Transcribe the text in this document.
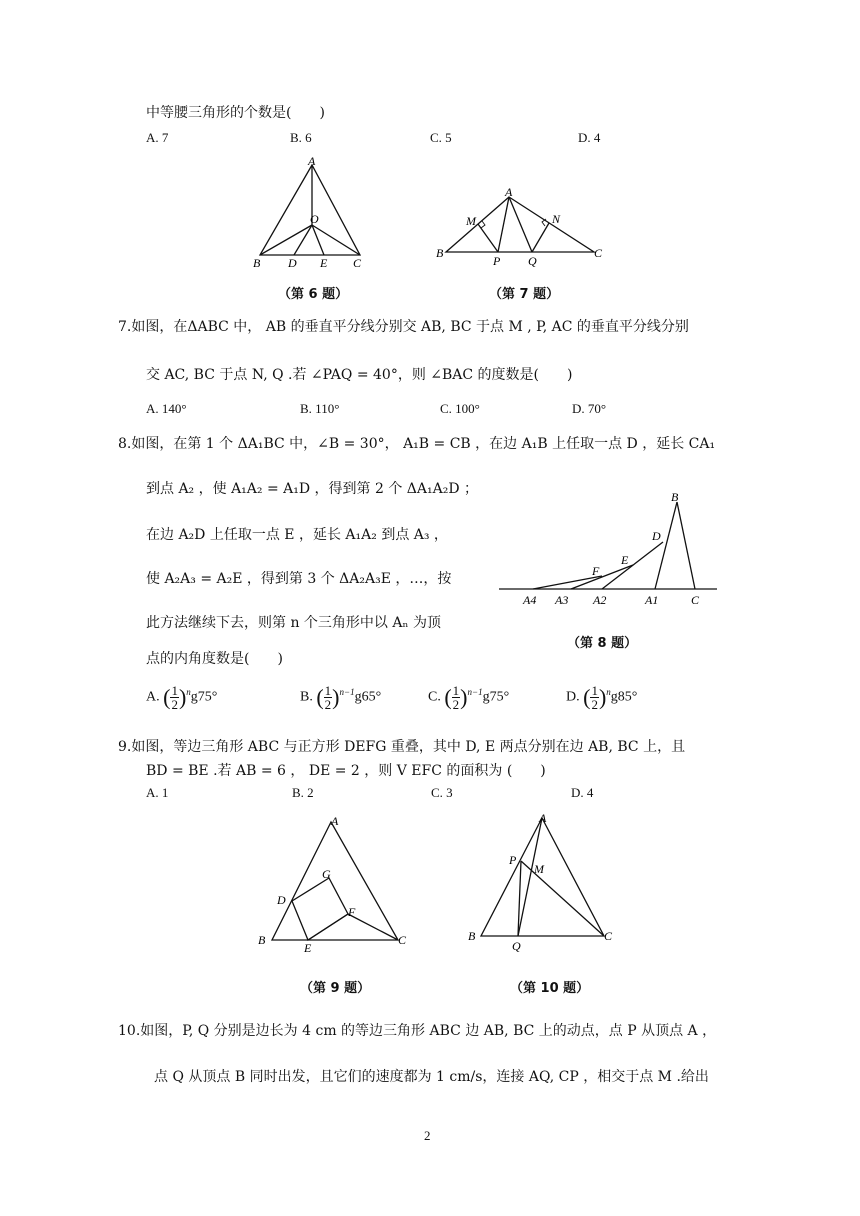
中等腰三角形的个数是(　　)
A. 7	B. 6	C. 5	D. 4
A
O
B D E C
（第 6 题）
A
M	N
B
P Q
C
（第 7 题）
7.如图，在ΔABC 中， AB 的垂直平分线分别交 AB, BC 于点 M , P, AC 的垂直平分线分别
交 AC, BC 于点 N, Q .若 ∠PAQ = 40°，则 ∠BAC 的度数是(　　)
A. 140°	B. 110°	C. 100°	D. 70°
8.如图，在第 1 个 ΔA₁BC 中，∠B = 30°， A₁B = CB ，在边 A₁B 上任取一点 D ，延长 CA₁
到点 A₂ ，使 A₁A₂ = A₁D ，得到第 2 个 ΔA₁A₂D ；
在边 A₂D 上任取一点 E ，延长 A₁A₂ 到点 A₃ ，
使 A₂A₃ = A₂E ，得到第 3 个 ΔA₂A₃E ，…，按
此方法继续下去，则第 n 个三角形中以 Aₙ 为顶
点的内角度数是(　　)
B
D
E
F
A4 A3 A2	A1	C
（第 8 题）
A. ( $\frac{1}{2} )^ng75^\circ$	B. ( $\frac{1}{2} )^{n-1}g65^\circ$	C. ( $\frac{1}{2} )^{n-1}g75^\circ$	D. ( $\frac{1}{2} )^ng85^\circ$
9.如图，等边三角形 ABC 与正方形 DEFG 重叠，其中 D, E 两点分别在边 AB, BC 上，且
BD = BE .若 AB = 6 ， DE = 2 ，则 V EFC 的面积为 (　　)
A. 1	B. 2	C. 3	D. 4
A
G
D
F
B
E
C
（第 9 题）
A
P
M
B
Q
C
（第 10 题）
10.如图，P, Q 分别是边长为 4 cm 的等边三角形 ABC 边 AB, BC 上的动点，点 P 从顶点 A ，
点 Q 从顶点 B 同时出发，且它们的速度都为 1 cm/s，连接 AQ, CP ，相交于点 M .给出
2
